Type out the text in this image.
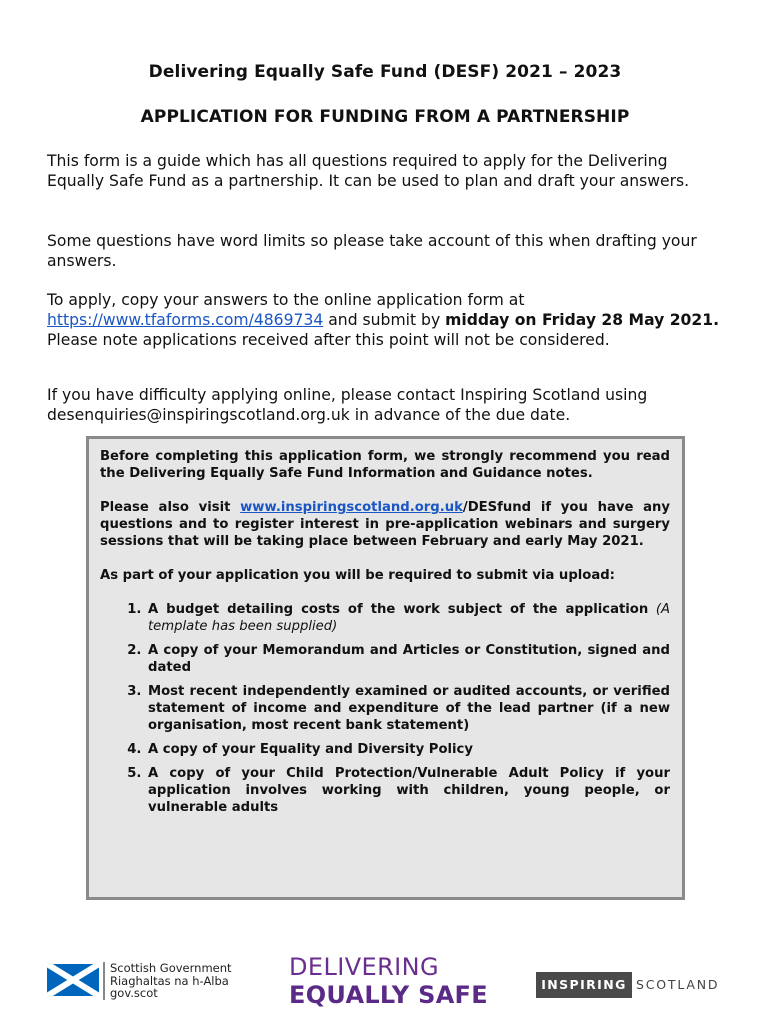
Delivering Equally Safe Fund (DESF) 2021 – 2023
APPLICATION FOR FUNDING FROM A PARTNERSHIP
This form is a guide which has all questions required to apply for the Delivering Equally Safe Fund as a partnership. It can be used to plan and draft your answers.
Some questions have word limits so please take account of this when drafting your answers.
To apply, copy your answers to the online application form at
https://www.tfaforms.com/4869734 and submit by midday on Friday 28 May 2021. Please note applications received after this point will not be considered.
If you have difficulty applying online, please contact Inspiring Scotland using desenquiries@inspiringscotland.org.uk in advance of the due date.

Before completing this application form, we strongly recommend you read the Delivering Equally Safe Fund Information and Guidance notes.

Please also visit www.inspiringscotland.org.uk/DESfund if you have any questions and to register interest in pre-application webinars and surgery sessions that will be taking place between February and early May 2021.

As part of your application you will be required to submit via upload:

1. A budget detailing costs of the work subject of the application (A template has been supplied)
2. A copy of your Memorandum and Articles or Constitution, signed and dated
3. Most recent independently examined or audited accounts, or verified statement of income and expenditure of the lead partner (if a new organisation, most recent bank statement)
4. A copy of your Equality and Diversity Policy
5. A copy of your Child Protection/Vulnerable Adult Policy if your application involves working with children, young people, or vulnerable adults
Scottish Government
Riaghaltas na h-Alba
gov.scot
DELIVERING
EQUALLY SAFE	INSPIRING SCOTLAND
